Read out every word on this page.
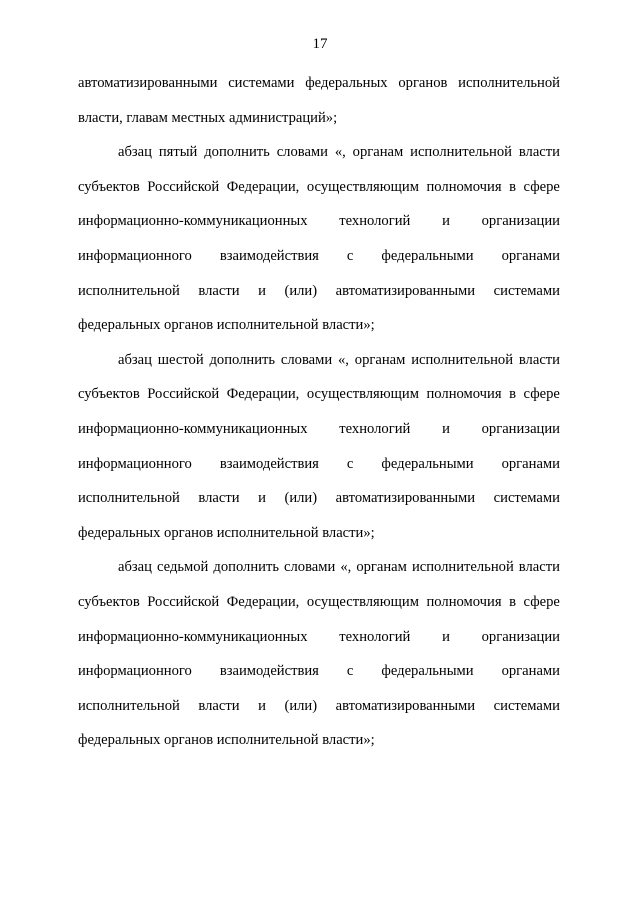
17
автоматизированными системами федеральных органов исполнительной
власти, главам местных администраций»;
абзац пятый дополнить словами «, органам исполнительной власти
субъектов Российской Федерации, осуществляющим полномочия в сфере
информационно-коммуникационных технологий и организации
информационного взаимодействия с федеральными органами
исполнительной власти и (или) автоматизированными системами
федеральных органов исполнительной власти»;
абзац шестой дополнить словами «, органам исполнительной власти
субъектов Российской Федерации, осуществляющим полномочия в сфере
информационно-коммуникационных технологий и организации
информационного взаимодействия с федеральными органами
исполнительной власти и (или) автоматизированными системами
федеральных органов исполнительной власти»;
абзац седьмой дополнить словами «, органам исполнительной власти
субъектов Российской Федерации, осуществляющим полномочия в сфере
информационно-коммуникационных технологий и организации
информационного взаимодействия с федеральными органами
исполнительной власти и (или) автоматизированными системами
федеральных органов исполнительной власти»;
